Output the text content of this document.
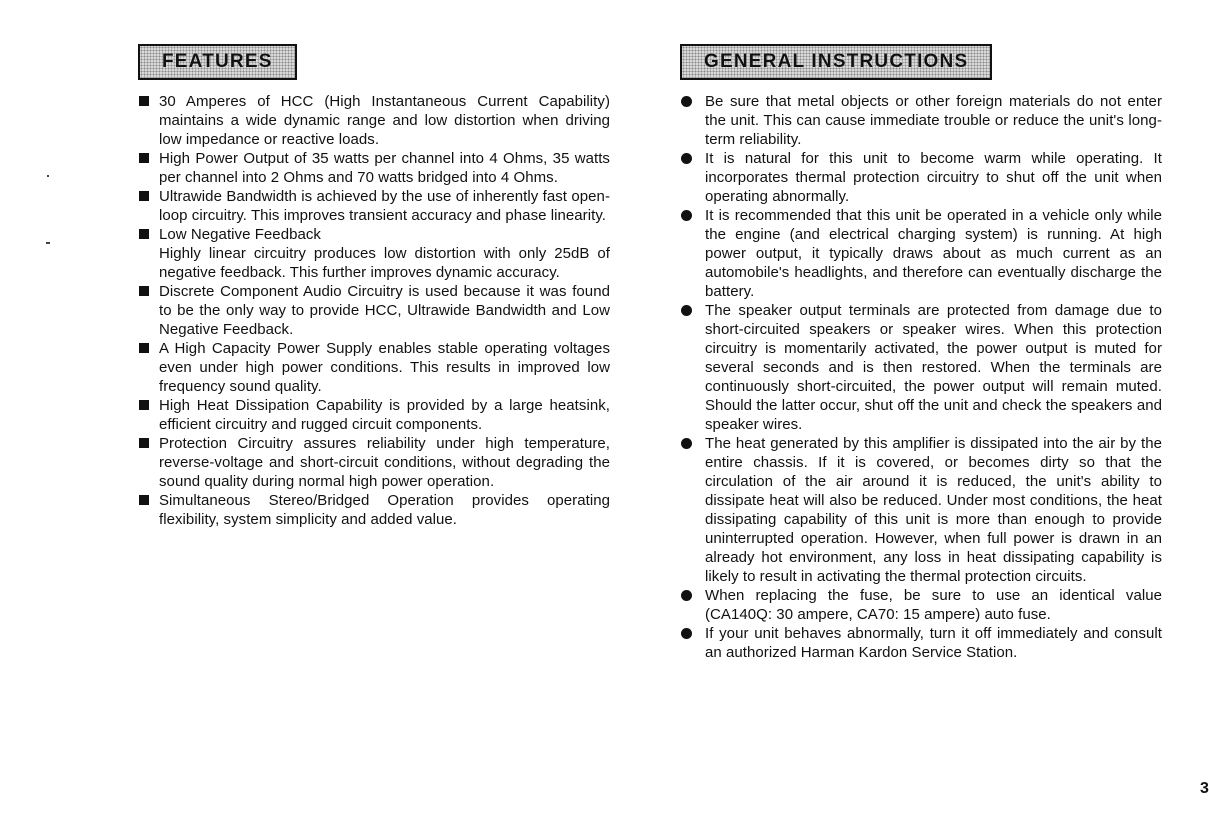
FEATURES
30 Amperes of HCC (High Instantaneous Current Capability) maintains a wide dynamic range and low distortion when driving low impedance or reactive loads.
High Power Output of 35 watts per channel into 4 Ohms, 35 watts per channel into 2 Ohms and 70 watts bridged into 4 Ohms.
Ultrawide Bandwidth is achieved by the use of inherently fast open-loop circuitry. This improves transient accuracy and phase linearity.
Low Negative Feedback
Highly linear circuitry produces low distortion with only 25dB of negative feedback. This further improves dynamic accuracy.
Discrete Component Audio Circuitry is used because it was found to be the only way to provide HCC, Ultrawide Bandwidth and Low Negative Feedback.
A High Capacity Power Supply enables stable operating voltages even under high power conditions. This results in improved low frequency sound quality.
High Heat Dissipation Capability is provided by a large heatsink, efficient circuitry and rugged circuit components.
Protection Circuitry assures reliability under high temperature, reverse-voltage and short-circuit conditions, without degrading the sound quality during normal high power operation.
Simultaneous Stereo/Bridged Operation provides operating flexibility, system simplicity and added value.
GENERAL INSTRUCTIONS
Be sure that metal objects or other foreign materials do not enter the unit. This can cause immediate trouble or reduce the unit's long-term reliability.
It is natural for this unit to become warm while operating. It incorporates thermal protection circuitry to shut off the unit when operating abnormally.
It is recommended that this unit be operated in a vehicle only while the engine (and electrical charging system) is running. At high power output, it typically draws about as much current as an automobile's headlights, and therefore can eventually discharge the battery.
The speaker output terminals are protected from damage due to short-circuited speakers or speaker wires. When this protection circuitry is momentarily activated, the power output is muted for several seconds and is then restored. When the terminals are continuously short-circuited, the power output will remain muted. Should the latter occur, shut off the unit and check the speakers and speaker wires.
The heat generated by this amplifier is dissipated into the air by the entire chassis. If it is covered, or becomes dirty so that the circulation of the air around it is reduced, the unit's ability to dissipate heat will also be reduced. Under most conditions, the heat dissipating capability of this unit is more than enough to provide uninterrupted operation. However, when full power is drawn in an already hot environment, any loss in heat dissipating capability is likely to result in activating the thermal protection circuits.
When replacing the fuse, be sure to use an identical value (CA140Q: 30 ampere, CA70: 15 ampere) auto fuse.
If your unit behaves abnormally, turn it off immediately and consult an authorized Harman Kardon Service Station.
3
